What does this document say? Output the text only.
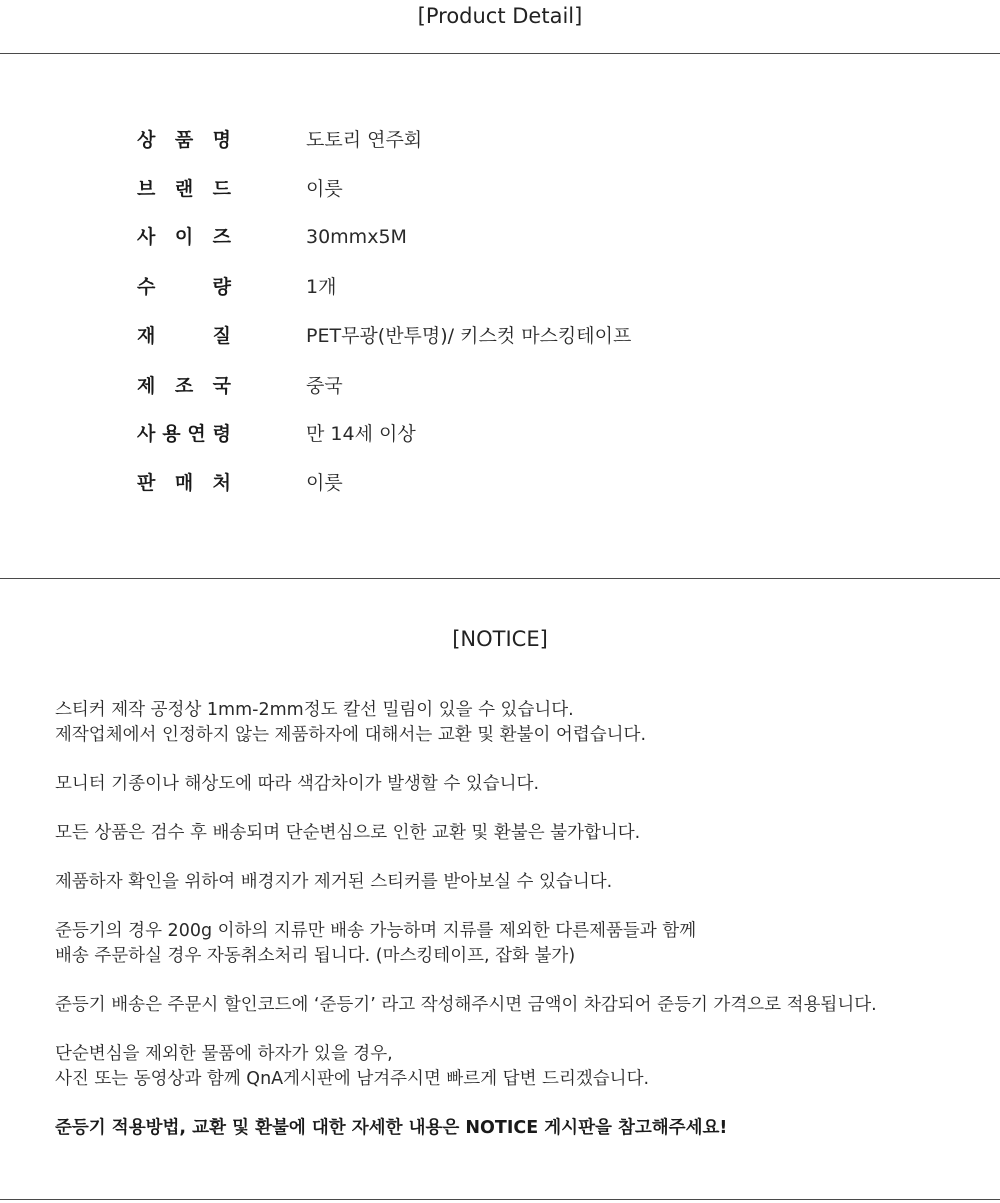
[Product Detail]
상 품 명	도토리 연주회
브 랜 드	이릇
사 이 즈	30mmx5M
수 량	1개
재 질	PET무광(반투명)/ 키스컷 마스킹테이프
제 조 국	중국
사 용 연 령	만 14세 이상
판 매 처	이릇
[NOTICE]
스티커 제작 공정상 1mm-2mm정도 칼선 밀림이 있을 수 있습니다.
제작업체에서 인정하지 않는 제품하자에 대해서는 교환 및 환불이 어렵습니다.
모니터 기종이나 해상도에 따라 색감차이가 발생할 수 있습니다.
모든 상품은 검수 후 배송되며 단순변심으로 인한 교환 및 환불은 불가합니다.
제품하자 확인을 위하여 배경지가 제거된 스티커를 받아보실 수 있습니다.
준등기의 경우 200g 이하의 지류만 배송 가능하며 지류를 제외한 다른제품들과 함께
배송 주문하실 경우 자동취소처리 됩니다. (마스킹테이프, 잡화 불가)
준등기 배송은 주문시 할인코드에 ‘준등기’ 라고 작성해주시면 금액이 차감되어 준등기 가격으로 적용됩니다.
단순변심을 제외한 물품에 하자가 있을 경우,
사진 또는 동영상과 함께 QnA게시판에 남겨주시면 빠르게 답변 드리겠습니다.
준등기 적용방법, 교환 및 환불에 대한 자세한 내용은 NOTICE 게시판을 참고해주세요!
